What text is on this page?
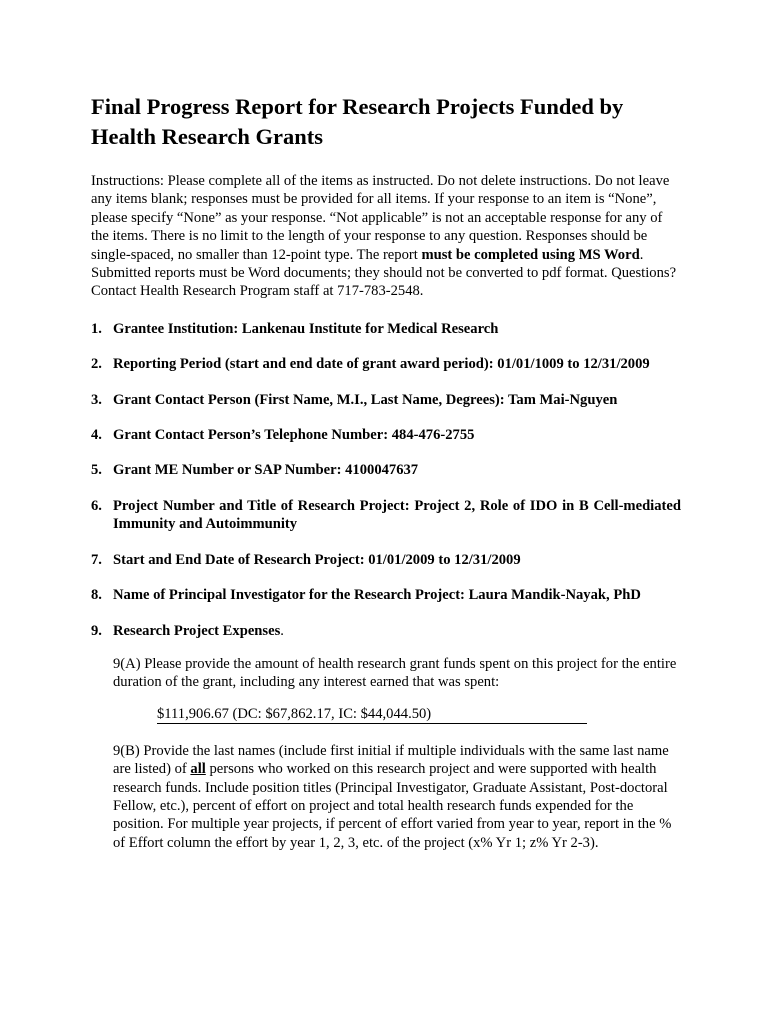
Final Progress Report for Research Projects Funded by Health Research Grants

Instructions: Please complete all of the items as instructed. Do not delete instructions. Do not leave any items blank; responses must be provided for all items. If your response to an item is “None”, please specify “None” as your response. “Not applicable” is not an acceptable response for any of the items. There is no limit to the length of your response to any question. Responses should be single-spaced, no smaller than 12-point type. The report must be completed using MS Word. Submitted reports must be Word documents; they should not be converted to pdf format. Questions? Contact Health Research Program staff at 717-783-2548.

1. Grantee Institution: Lankenau Institute for Medical Research
2. Reporting Period (start and end date of grant award period): 01/01/1009 to 12/31/2009
3. Grant Contact Person (First Name, M.I., Last Name, Degrees): Tam Mai-Nguyen
4. Grant Contact Person’s Telephone Number: 484-476-2755
5. Grant ME Number or SAP Number: 4100047637
6. Project Number and Title of Research Project: Project 2, Role of IDO in B Cell-mediated Immunity and Autoimmunity
7. Start and End Date of Research Project: 01/01/2009 to 12/31/2009
8. Name of Principal Investigator for the Research Project: Laura Mandik-Nayak, PhD
9. Research Project Expenses.

9(A) Please provide the amount of health research grant funds spent on this project for the entire duration of the grant, including any interest earned that was spent:

$111,906.67 (DC: $67,862.17, IC: $44,044.50)

9(B) Provide the last names (include first initial if multiple individuals with the same last name are listed) of all persons who worked on this research project and were supported with health research funds. Include position titles (Principal Investigator, Graduate Assistant, Post-doctoral Fellow, etc.), percent of effort on project and total health research funds expended for the position. For multiple year projects, if percent of effort varied from year to year, report in the % of Effort column the effort by year 1, 2, 3, etc. of the project (x% Yr 1; z% Yr 2-3).
